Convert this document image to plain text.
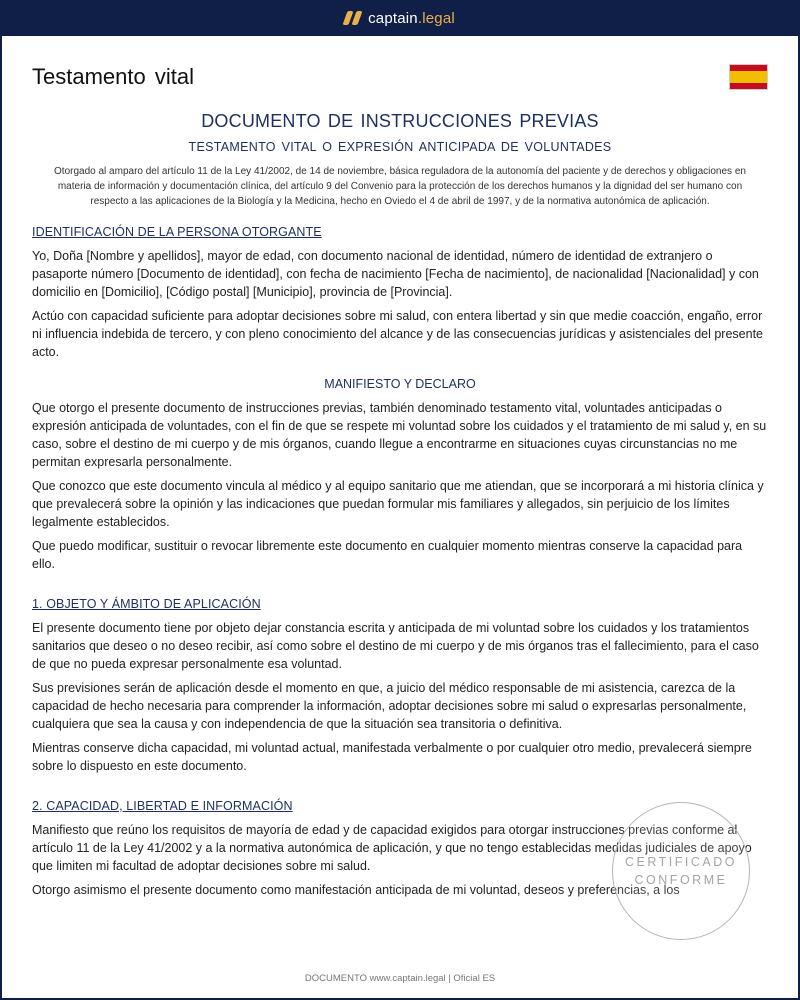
captain.legal
Testamento vital
DOCUMENTO DE INSTRUCCIONES PREVIAS
TESTAMENTO VITAL O EXPRESIÓN ANTICIPADA DE VOLUNTADES
Otorgado al amparo del artículo 11 de la Ley 41/2002, de 14 de noviembre, básica reguladora de la autonomía del paciente y de derechos y obligaciones en materia de información y documentación clínica, del artículo 9 del Convenio para la protección de los derechos humanos y la dignidad del ser humano con respecto a las aplicaciones de la Biología y la Medicina, hecho en Oviedo el 4 de abril de 1997, y de la normativa autonómica de aplicación.
IDENTIFICACIÓN DE LA PERSONA OTORGANTE

Yo, Doña [Nombre y apellidos], mayor de edad, con documento nacional de identidad, número de identidad de extranjero o pasaporte número [Documento de identidad], con fecha de nacimiento [Fecha de nacimiento], de nacionalidad [Nacionalidad] y con domicilio en [Domicilio], [Código postal] [Municipio], provincia de [Provincia].

Actúo con capacidad suficiente para adoptar decisiones sobre mi salud, con entera libertad y sin que medie coacción, engaño, error ni influencia indebida de tercero, y con pleno conocimiento del alcance y de las consecuencias jurídicas y asistenciales del presente acto.

MANIFIESTO Y DECLARO

Que otorgo el presente documento de instrucciones previas, también denominado testamento vital, voluntades anticipadas o expresión anticipada de voluntades, con el fin de que se respete mi voluntad sobre los cuidados y el tratamiento de mi salud y, en su caso, sobre el destino de mi cuerpo y de mis órganos, cuando llegue a encontrarme en situaciones cuyas circunstancias no me permitan expresarla personalmente.

Que conozco que este documento vincula al médico y al equipo sanitario que me atiendan, que se incorporará a mi historia clínica y que prevalecerá sobre la opinión y las indicaciones que puedan formular mis familiares y allegados, sin perjuicio de los límites legalmente establecidos.

Que puedo modificar, sustituir o revocar libremente este documento en cualquier momento mientras conserve la capacidad para ello.

1. OBJETO Y ÁMBITO DE APLICACIÓN

El presente documento tiene por objeto dejar constancia escrita y anticipada de mi voluntad sobre los cuidados y los tratamientos sanitarios que deseo o no deseo recibir, así como sobre el destino de mi cuerpo y de mis órganos tras el fallecimiento, para el caso de que no pueda expresar personalmente esa voluntad.

Sus previsiones serán de aplicación desde el momento en que, a juicio del médico responsable de mi asistencia, carezca de la capacidad de hecho necesaria para comprender la información, adoptar decisiones sobre mi salud o expresarlas personalmente, cualquiera que sea la causa y con independencia de que la situación sea transitoria o definitiva.

Mientras conserve dicha capacidad, mi voluntad actual, manifestada verbalmente o por cualquier otro medio, prevalecerá siempre sobre lo dispuesto en este documento.

2. CAPACIDAD, LIBERTAD E INFORMACIÓN

Manifiesto que reúno los requisitos de mayoría de edad y de capacidad exigidos para otorgar instrucciones previas conforme al artículo 11 de la Ley 41/2002 y a la normativa autonómica de aplicación, y que no tengo establecidas medidas judiciales de apoyo que limiten mi facultad de adoptar decisiones sobre mi salud.

Otorgo asimismo el presente documento como manifestación anticipada de mi voluntad, deseos y preferencias, a los

CERTIFICADO
CONFORME
DOCUMENTO www.captain.legal | Oficial ES
